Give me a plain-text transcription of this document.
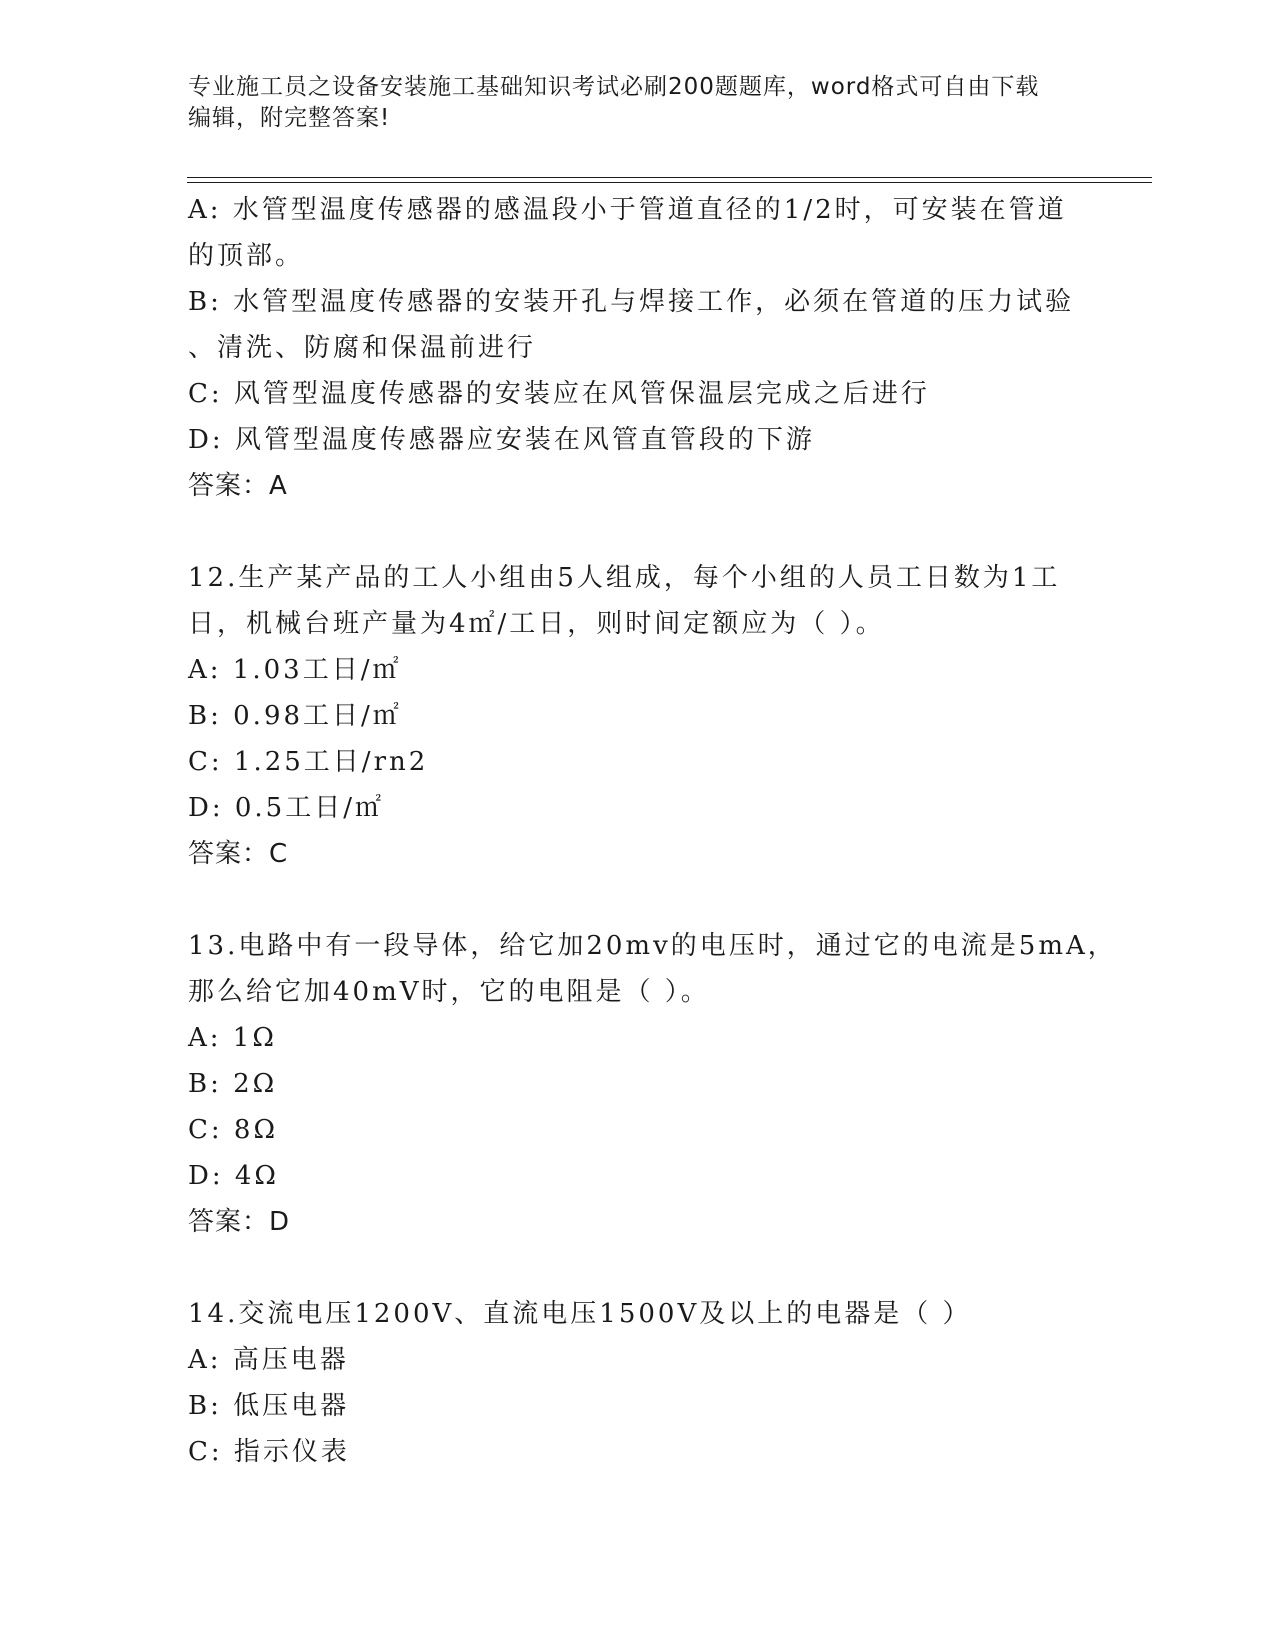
专业施工员之设备安装施工基础知识考试必刷200题题库，word格式可自由下载
编辑，附完整答案!
A: 水管型温度传感器的感温段小于管道直径的1/2时，可安装在管道
的顶部。
B: 水管型温度传感器的安装开孔与焊接工作，必须在管道的压力试验
、清洗、防腐和保温前进行
C: 风管型温度传感器的安装应在风管保温层完成之后进行
D: 风管型温度传感器应安装在风管直管段的下游
答案：A
12.生产某产品的工人小组由5人组成，每个小组的人员工日数为1工
日，机械台班产量为4㎡/工日，则时间定额应为（ ）。
A: 1.03工日/㎡
B: 0.98工日/㎡
C: 1.25工日/rn2
D: 0.5工日/㎡
答案：C
13.电路中有一段导体，给它加20mv的电压时，通过它的电流是5mA，
那么给它加40mV时，它的电阻是（ ）。
A: 1Ω
B: 2Ω
C: 8Ω
D: 4Ω
答案：D
14.交流电压1200V、直流电压1500V及以上的电器是（ ）
A: 高压电器
B: 低压电器
C: 指示仪表
